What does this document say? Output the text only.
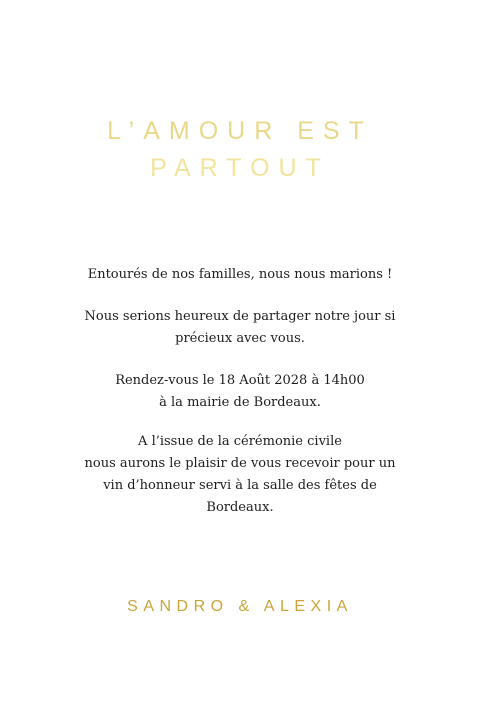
L’AMOUR EST
PARTOUT
Entourés de nos familles, nous nous marions !
Nous serions heureux de partager notre jour si
précieux avec vous.
Rendez-vous le 18 Août 2028 à 14h00
à la mairie de Bordeaux.
A l’issue de la cérémonie civile
nous aurons le plaisir de vous recevoir pour un
vin d’honneur servi à la salle des fêtes de
Bordeaux.
SANDRO & ALEXIA
